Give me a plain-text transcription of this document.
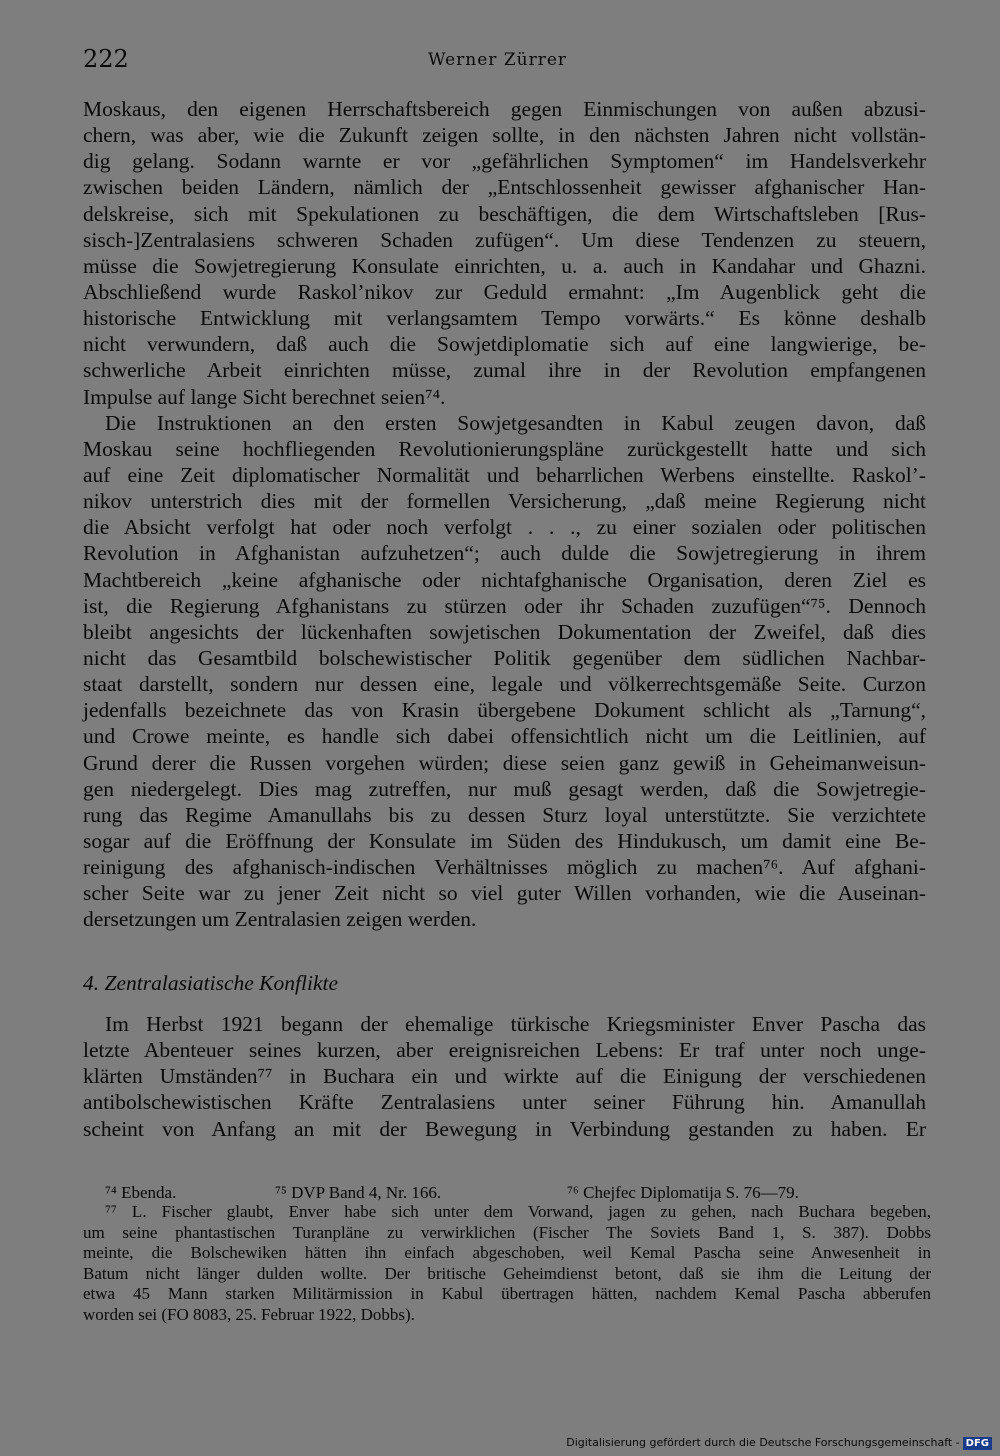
222	Werner Zürrer
Moskaus, den eigenen Herrschaftsbereich gegen Einmischungen von außen abzusi-
chern, was aber, wie die Zukunft zeigen sollte, in den nächsten Jahren nicht vollstän-
dig gelang. Sodann warnte er vor „gefährlichen Symptomen“ im Handelsverkehr
zwischen beiden Ländern, nämlich der „Entschlossenheit gewisser afghanischer Han-
delskreise, sich mit Spekulationen zu beschäftigen, die dem Wirtschaftsleben [Rus-
sisch-]Zentralasiens schweren Schaden zufügen“. Um diese Tendenzen zu steuern,
müsse die Sowjetregierung Konsulate einrichten, u. a. auch in Kandahar und Ghazni.
Abschließend wurde Raskol’nikov zur Geduld ermahnt: „Im Augenblick geht die
historische Entwicklung mit verlangsamtem Tempo vorwärts.“ Es könne deshalb
nicht verwundern, daß auch die Sowjetdiplomatie sich auf eine langwierige, be-
schwerliche Arbeit einrichten müsse, zumal ihre in der Revolution empfangenen
Impulse auf lange Sicht berechnet seien⁷⁴.
Die Instruktionen an den ersten Sowjetgesandten in Kabul zeugen davon, daß
Moskau seine hochfliegenden Revolutionierungspläne zurückgestellt hatte und sich
auf eine Zeit diplomatischer Normalität und beharrlichen Werbens einstellte. Raskol’-
nikov unterstrich dies mit der formellen Versicherung, „daß meine Regierung nicht
die Absicht verfolgt hat oder noch verfolgt . . ., zu einer sozialen oder politischen
Revolution in Afghanistan aufzuhetzen“; auch dulde die Sowjetregierung in ihrem
Machtbereich „keine afghanische oder nichtafghanische Organisation, deren Ziel es
ist, die Regierung Afghanistans zu stürzen oder ihr Schaden zuzufügen“⁷⁵. Dennoch
bleibt angesichts der lückenhaften sowjetischen Dokumentation der Zweifel, daß dies
nicht das Gesamtbild bolschewistischer Politik gegenüber dem südlichen Nachbar-
staat darstellt, sondern nur dessen eine, legale und völkerrechtsgemäße Seite. Curzon
jedenfalls bezeichnete das von Krasin übergebene Dokument schlicht als „Tarnung“,
und Crowe meinte, es handle sich dabei offensichtlich nicht um die Leitlinien, auf
Grund derer die Russen vorgehen würden; diese seien ganz gewiß in Geheimanweisun-
gen niedergelegt. Dies mag zutreffen, nur muß gesagt werden, daß die Sowjetregie-
rung das Regime Amanullahs bis zu dessen Sturz loyal unterstützte. Sie verzichtete
sogar auf die Eröffnung der Konsulate im Süden des Hindukusch, um damit eine Be-
reinigung des afghanisch-indischen Verhältnisses möglich zu machen⁷⁶. Auf afghani-
scher Seite war zu jener Zeit nicht so viel guter Willen vorhanden, wie die Auseinan-
dersetzungen um Zentralasien zeigen werden.
4. Zentralasiatische Konflikte
Im Herbst 1921 begann der ehemalige türkische Kriegsminister Enver Pascha das
letzte Abenteuer seines kurzen, aber ereignisreichen Lebens: Er traf unter noch unge-
klärten Umständen⁷⁷ in Buchara ein und wirkte auf die Einigung der verschiedenen
antibolschewistischen Kräfte Zentralasiens unter seiner Führung hin. Amanullah
scheint von Anfang an mit der Bewegung in Verbindung gestanden zu haben. Er
⁷⁴ Ebenda.	⁷⁵ DVP Band 4, Nr. 166.	⁷⁶ Chejfec Diplomatija S. 76—79.
⁷⁷ L. Fischer glaubt, Enver habe sich unter dem Vorwand, jagen zu gehen, nach Buchara begeben,
um seine phantastischen Turanpläne zu verwirklichen (Fischer The Soviets Band 1, S. 387). Dobbs
meinte, die Bolschewiken hätten ihn einfach abgeschoben, weil Kemal Pascha seine Anwesenheit in
Batum nicht länger dulden wollte. Der britische Geheimdienst betont, daß sie ihm die Leitung der
etwa 45 Mann starken Militärmission in Kabul übertragen hätten, nachdem Kemal Pascha abberufen
worden sei (FO 8083, 25. Februar 1922, Dobbs).
Digitalisierung gefördert durch die Deutsche Forschungsgemeinschaft - DFG
